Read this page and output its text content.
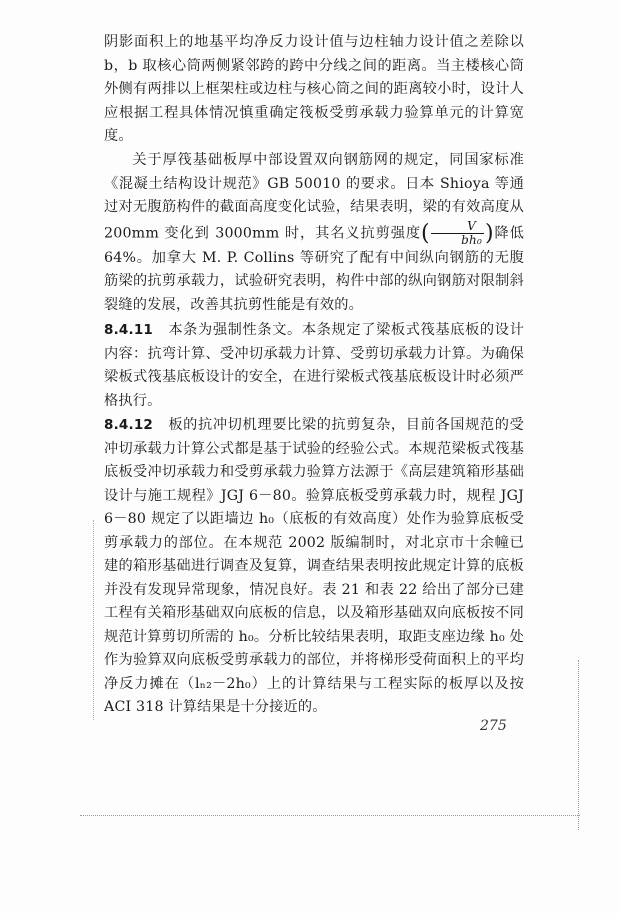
阴影面积上的地基平均净反力设计值与边柱轴力设计值之差除以 b，b 取核心筒两侧紧邻跨的跨中分线之间的距离。当主楼核心筒外侧有两排以上框架柱或边柱与核心筒之间的距离较小时，设计人应根据工程具体情况慎重确定筏板受剪承载力验算单元的计算宽度。

关于厚筏基础板厚中部设置双向钢筋网的规定，同国家标准《混凝土结构设计规范》GB 50010 的要求。日本 Shioya 等通过对无腹筋构件的截面高度变化试验，结果表明，梁的有效高度从 200mm 变化到 3000mm 时，其名义抗剪强度( $\frac{V}{\text{bh₀}}$ )降低 64%。加拿大 M. P. Collins 等研究了配有中间纵向钢筋的无腹筋梁的抗剪承载力，试验研究表明，构件中部的纵向钢筋对限制斜裂缝的发展，改善其抗剪性能是有效的。

8.4.11　 本条为强制性条文。本条规定了梁板式筏基底板的设计内容：抗弯计算、受冲切承载力计算、受剪切承载力计算。为确保梁板式筏基底板设计的安全，在进行梁板式筏基底板设计时必须严格执行。

8.4.12　 板的抗冲切机理要比梁的抗剪复杂，目前各国规范的受冲切承载力计算公式都是基于试验的经验公式。本规范梁板式筏基底板受冲切承载力和受剪承载力验算方法源于《高层建筑箱形基础设计与施工规程》JGJ 6－80。验算底板受剪承载力时，规程 JGJ 6－80 规定了以距墙边 h₀（底板的有效高度）处作为验算底板受剪承载力的部位。在本规范 2002 版编制时，对北京市十余幢已建的箱形基础进行调查及复算，调查结果表明按此规定计算的底板并没有发现异常现象，情况良好。表 21 和表 22 给出了部分已建工程有关箱形基础双向底板的信息，以及箱形基础双向底板按不同规范计算剪切所需的 h₀。分析比较结果表明，取距支座边缘 h₀ 处作为验算双向底板受剪承载力的部位，并将梯形受荷面积上的平均净反力摊在（lₙ₂－2h₀）上的计算结果与工程实际的板厚以及按 ACI 318 计算结果是十分接近的。

275
